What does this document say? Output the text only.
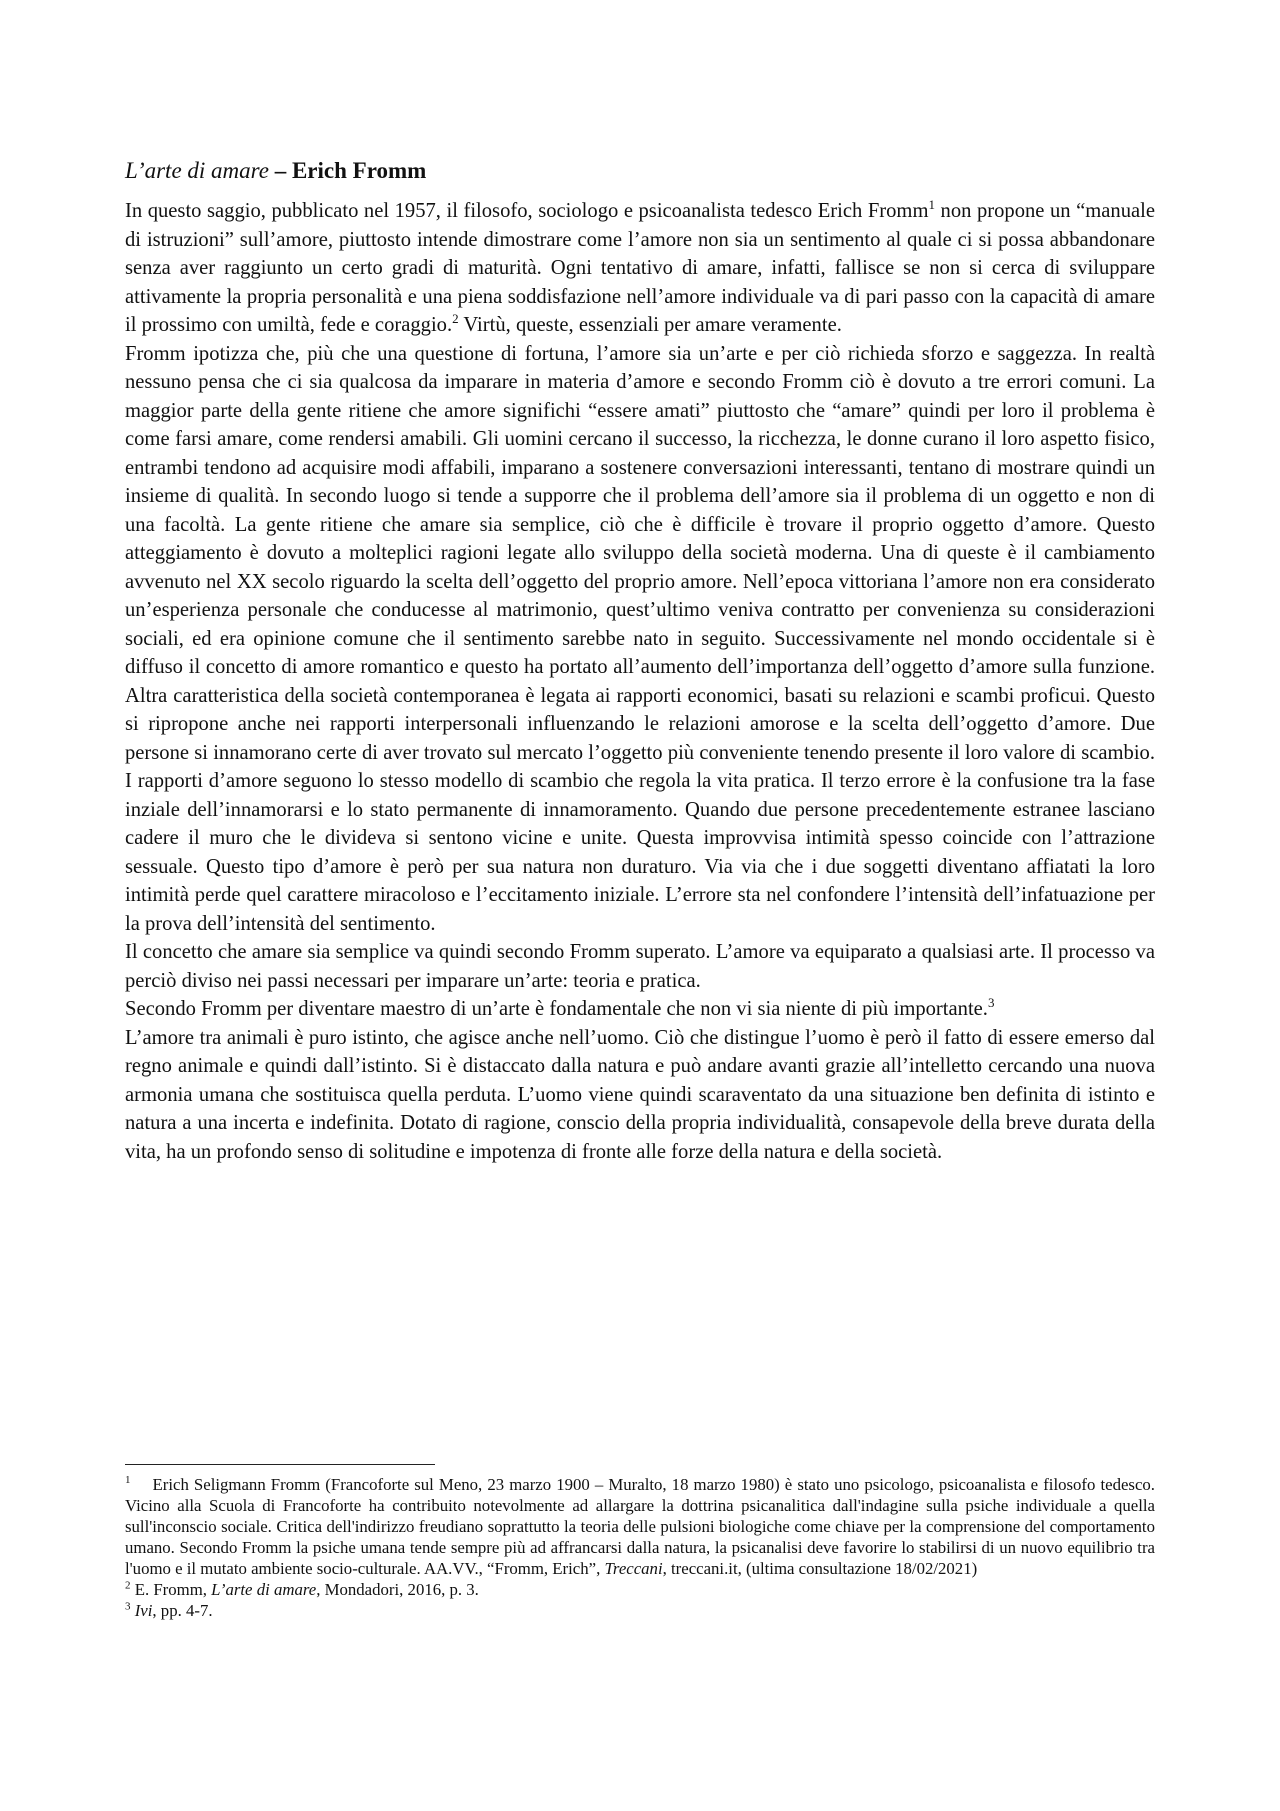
L’arte di amare – Erich Fromm

In questo saggio, pubblicato nel 1957, il filosofo, sociologo e psicoanalista tedesco Erich Fromm$^1$ non propone un “manuale di istruzioni” sull’amore, piuttosto intende dimostrare come l’amore non sia un sentimento al quale ci si possa abbandonare senza aver raggiunto un certo gradi di maturità. Ogni tentativo di amare, infatti, fallisce se non si cerca di sviluppare attivamente la propria personalità e una piena soddisfazione nell’amore individuale va di pari passo con la capacità di amare il prossimo con umiltà, fede e coraggio.$^2$ Virtù, queste, essenziali per amare veramente.

Fromm ipotizza che, più che una questione di fortuna, l’amore sia un’arte e per ciò richieda sforzo e saggezza. In realtà nessuno pensa che ci sia qualcosa da imparare in materia d’amore e secondo Fromm ciò è dovuto a tre errori comuni. La maggior parte della gente ritiene che amore significhi “essere amati” piuttosto che “amare” quindi per loro il problema è come farsi amare, come rendersi amabili. Gli uomini cercano il successo, la ricchezza, le donne curano il loro aspetto fisico, entrambi tendono ad acquisire modi affabili, imparano a sostenere conversazioni interessanti, tentano di mostrare quindi un insieme di qualità. In secondo luogo si tende a supporre che il problema dell’amore sia il problema di un oggetto e non di una facoltà. La gente ritiene che amare sia semplice, ciò che è difficile è trovare il proprio oggetto d’amore. Questo atteggiamento è dovuto a molteplici ragioni legate allo sviluppo della società moderna. Una di queste è il cambiamento avvenuto nel XX secolo riguardo la scelta dell’oggetto del proprio amore. Nell’epoca vittoriana l’amore non era considerato un’esperienza personale che conducesse al matrimonio, quest’ultimo veniva contratto per convenienza su considerazioni sociali, ed era opinione comune che il sentimento sarebbe nato in seguito. Successivamente nel mondo occidentale si è diffuso il concetto di amore romantico e questo ha portato all’aumento dell’importanza dell’oggetto d’amore sulla funzione. Altra caratteristica della società contemporanea è legata ai rapporti economici, basati su relazioni e scambi proficui. Questo si ripropone anche nei rapporti interpersonali influenzando le relazioni amorose e la scelta dell’oggetto d’amore. Due persone si innamorano certe di aver trovato sul mercato l’oggetto più conveniente tenendo presente il loro valore di scambio. I rapporti d’amore seguono lo stesso modello di scambio che regola la vita pratica. Il terzo errore è la confusione tra la fase inziale dell’innamorarsi e lo stato permanente di innamoramento. Quando due persone precedentemente estranee lasciano cadere il muro che le divideva si sentono vicine e unite. Questa improvvisa intimità spesso coincide con l’attrazione sessuale. Questo tipo d’amore è però per sua natura non duraturo. Via via che i due soggetti diventano affiatati la loro intimità perde quel carattere miracoloso e l’eccitamento iniziale. L’errore sta nel confondere l’intensità dell’infatuazione per la prova dell’intensità del sentimento.

Il concetto che amare sia semplice va quindi secondo Fromm superato. L’amore va equiparato a qualsiasi arte. Il processo va perciò diviso nei passi necessari per imparare un’arte: teoria e pratica.

Secondo Fromm per diventare maestro di un’arte è fondamentale che non vi sia niente di più importante.$^3$

L’amore tra animali è puro istinto, che agisce anche nell’uomo. Ciò che distingue l’uomo è però il fatto di essere emerso dal regno animale e quindi dall’istinto. Si è distaccato dalla natura e può andare avanti grazie all’intelletto cercando una nuova armonia umana che sostituisca quella perduta. L’uomo viene quindi scaraventato da una situazione ben definita di istinto e natura a una incerta e indefinita. Dotato di ragione, conscio della propria individualità, consapevole della breve durata della vita, ha un profondo senso di solitudine e impotenza di fronte alle forze della natura e della società.

$^1$ Erich Seligmann Fromm (Francoforte sul Meno, 23 marzo 1900 – Muralto, 18 marzo 1980) è stato uno psicologo, psicoanalista e filosofo tedesco. Vicino alla Scuola di Francoforte ha contribuito notevolmente ad allargare la dottrina psicanalitica dall'indagine sulla psiche individuale a quella sull'inconscio sociale. Critica dell'indirizzo freudiano soprattutto la teoria delle pulsioni biologiche come chiave per la comprensione del comportamento umano. Secondo Fromm la psiche umana tende sempre più ad affrancarsi dalla natura, la psicanalisi deve favorire lo stabilirsi di un nuovo equilibrio tra l'uomo e il mutato ambiente socio-culturale. AA.VV., “Fromm, Erich”, Treccani, treccani.it, (ultima consultazione 18/02/2021)

$^2$ E. Fromm, L’arte di amare, Mondadori, 2016, p. 3.

$^3$ Ivi, pp. 4-7.
